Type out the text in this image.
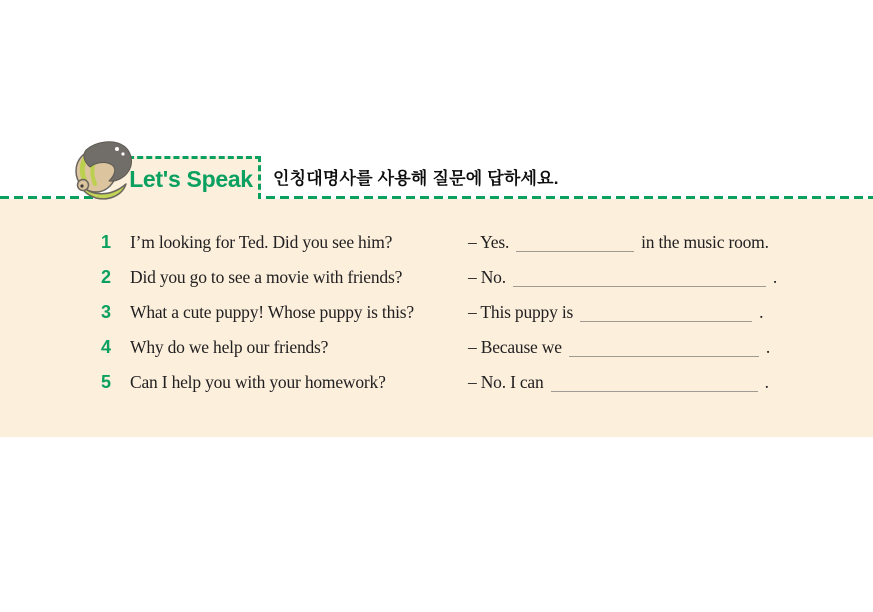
Let's Speak 인칭대명사를 사용해 질문에 답하세요.
1 I’m looking for Ted. Did you see him?	– Yes.	in the music room.
2 Did you go to see a movie with friends?	– No.	.
3 What a cute puppy! Whose puppy is this?	– This puppy is	.
4 Why do we help our friends?	– Because we	.
5 Can I help you with your homework?	– No. I can	.
